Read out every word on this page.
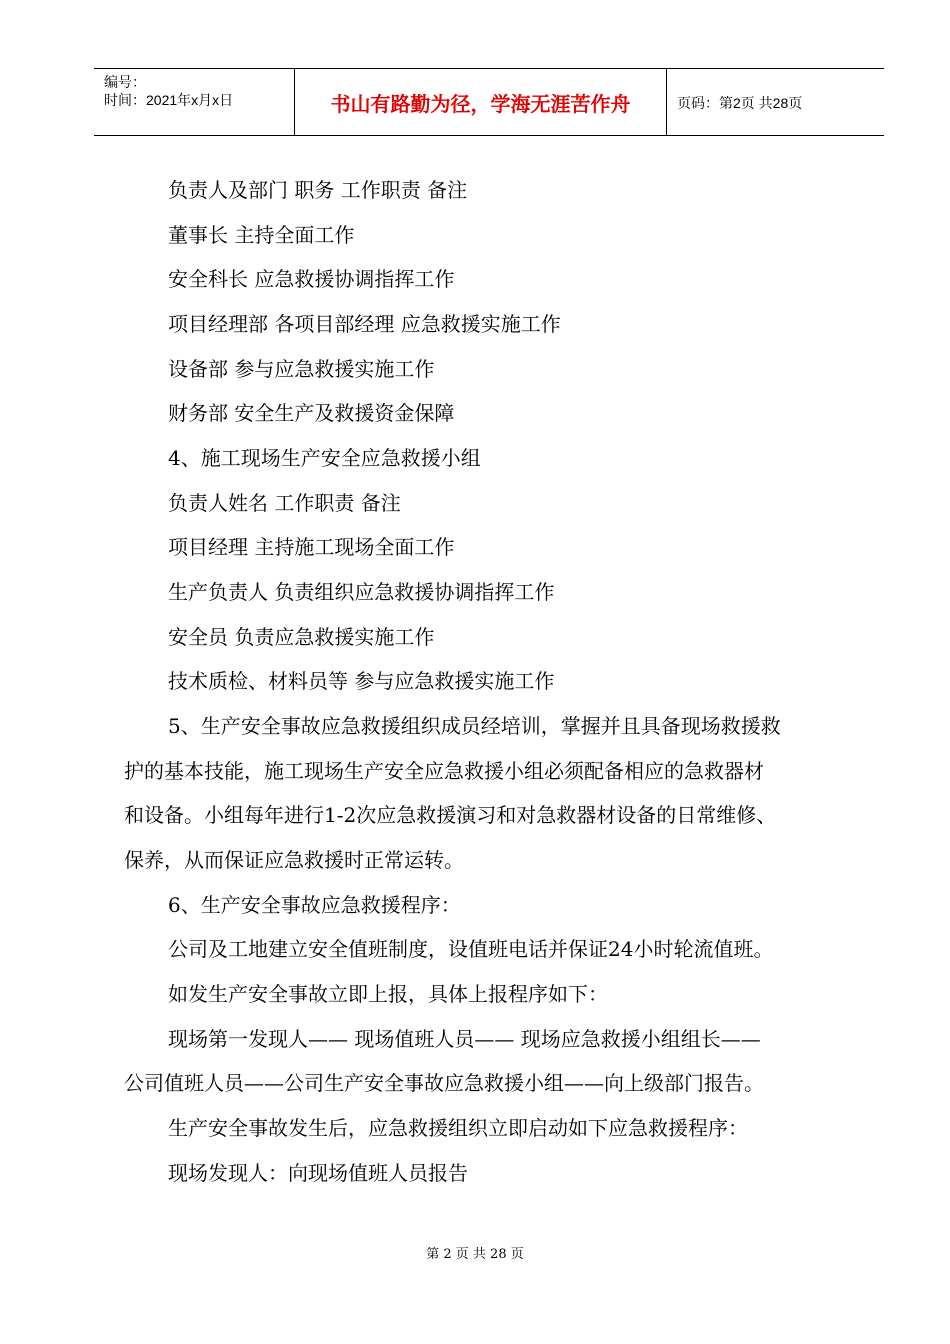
编号：
时间：2021年x月x日	书山有路勤为径，学海无涯苦作舟	页码：第2页 共28页
负责人及部门 职务 工作职责 备注
董事长 主持全面工作
安全科长 应急救援协调指挥工作
项目经理部 各项目部经理 应急救援实施工作
设备部 参与应急救援实施工作
财务部 安全生产及救援资金保障
4、施工现场生产安全应急救援小组
负责人姓名 工作职责 备注
项目经理 主持施工现场全面工作
生产负责人 负责组织应急救援协调指挥工作
安全员 负责应急救援实施工作
技术质检、材料员等 参与应急救援实施工作
5、生产安全事故应急救援组织成员经培训，掌握并且具备现场救援救
护的基本技能，施工现场生产安全应急救援小组必须配备相应的急救器材
和设备。小组每年进行1-2次应急救援演习和对急救器材设备的日常维修、
保养，从而保证应急救援时正常运转。
6、生产安全事故应急救援程序：
公司及工地建立安全值班制度，设值班电话并保证24小时轮流值班。
如发生产安全事故立即上报，具体上报程序如下：
现场第一发现人—— 现场值班人员—— 现场应急救援小组组长——
公司值班人员——公司生产安全事故应急救援小组——向上级部门报告。
生产安全事故发生后，应急救援组织立即启动如下应急救援程序：
现场发现人：向现场值班人员报告
第 2 页 共 28 页
